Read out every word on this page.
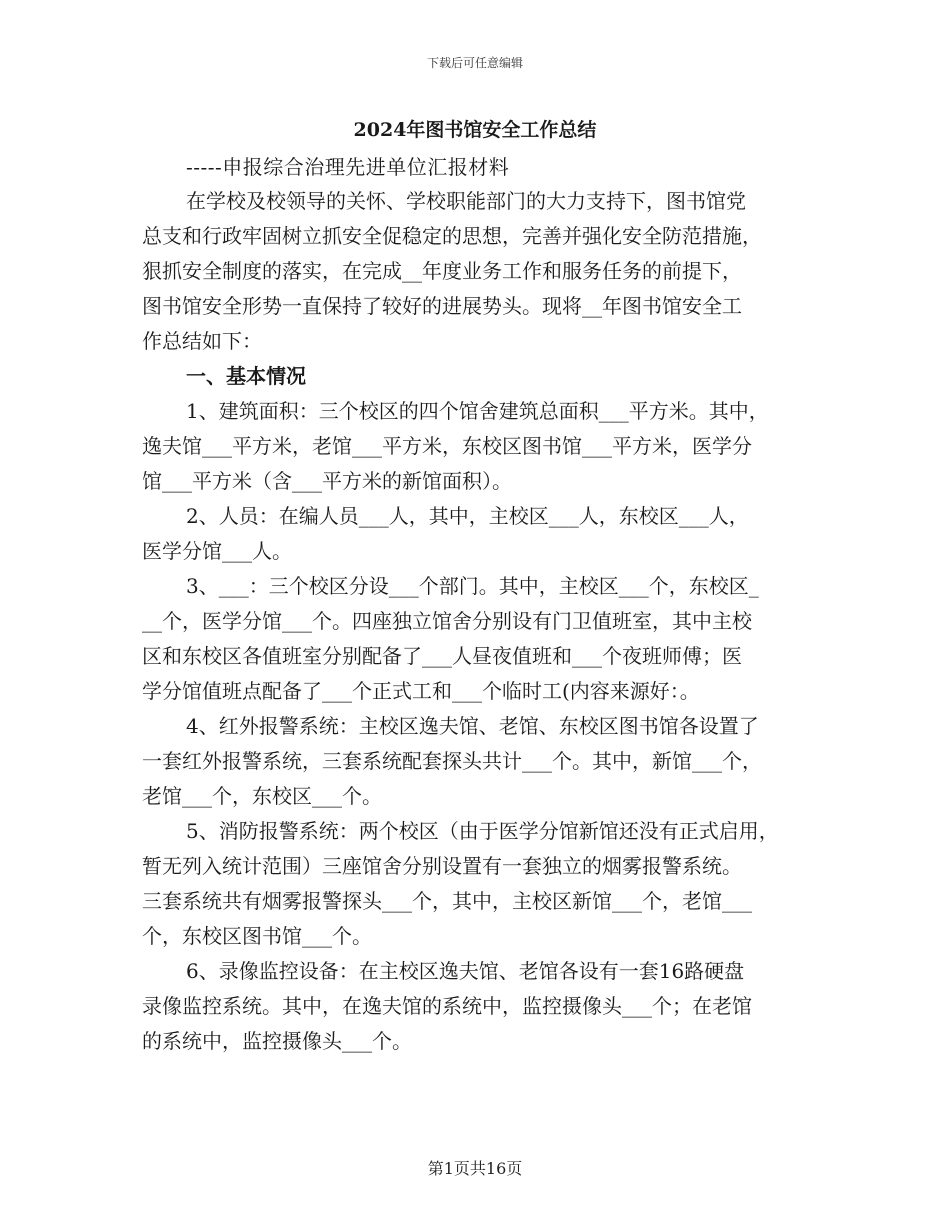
下载后可任意编辑
2024年图书馆安全工作总结
-----申报综合治理先进单位汇报材料
在学校及校领导的关怀、学校职能部门的大力支持下，图书馆党
总支和行政牢固树立抓安全促稳定的思想，完善并强化安全防范措施，
狠抓安全制度的落实，在完成__年度业务工作和服务任务的前提下，
图书馆安全形势一直保持了较好的进展势头。现将__年图书馆安全工
作总结如下：
一、基本情况
1、建筑面积：三个校区的四个馆舍建筑总面积___平方米。其中，
逸夫馆___平方米，老馆___平方米，东校区图书馆___平方米，医学分
馆___平方米（含___平方米的新馆面积）。
2、人员：在编人员___人，其中，主校区___人，东校区___人，
医学分馆___人。
3、___：三个校区分设___个部门。其中，主校区___个，东校区_
__个，医学分馆___个。四座独立馆舍分别设有门卫值班室，其中主校
区和东校区各值班室分别配备了___人昼夜值班和___个夜班师傅；医
学分馆值班点配备了___个正式工和___个临时工(内容来源好：。
4、红外报警系统：主校区逸夫馆、老馆、东校区图书馆各设置了
一套红外报警系统，三套系统配套探头共计___个。其中，新馆___个，
老馆___个，东校区___个。
5、消防报警系统：两个校区（由于医学分馆新馆还没有正式启用，
暂无列入统计范围）三座馆舍分别设置有一套独立的烟雾报警系统。
三套系统共有烟雾报警探头___个，其中，主校区新馆___个，老馆___
个，东校区图书馆___个。
6、录像监控设备：在主校区逸夫馆、老馆各设有一套16路硬盘
录像监控系统。其中，在逸夫馆的系统中，监控摄像头___个；在老馆
的系统中，监控摄像头___个。
第1页共16页
